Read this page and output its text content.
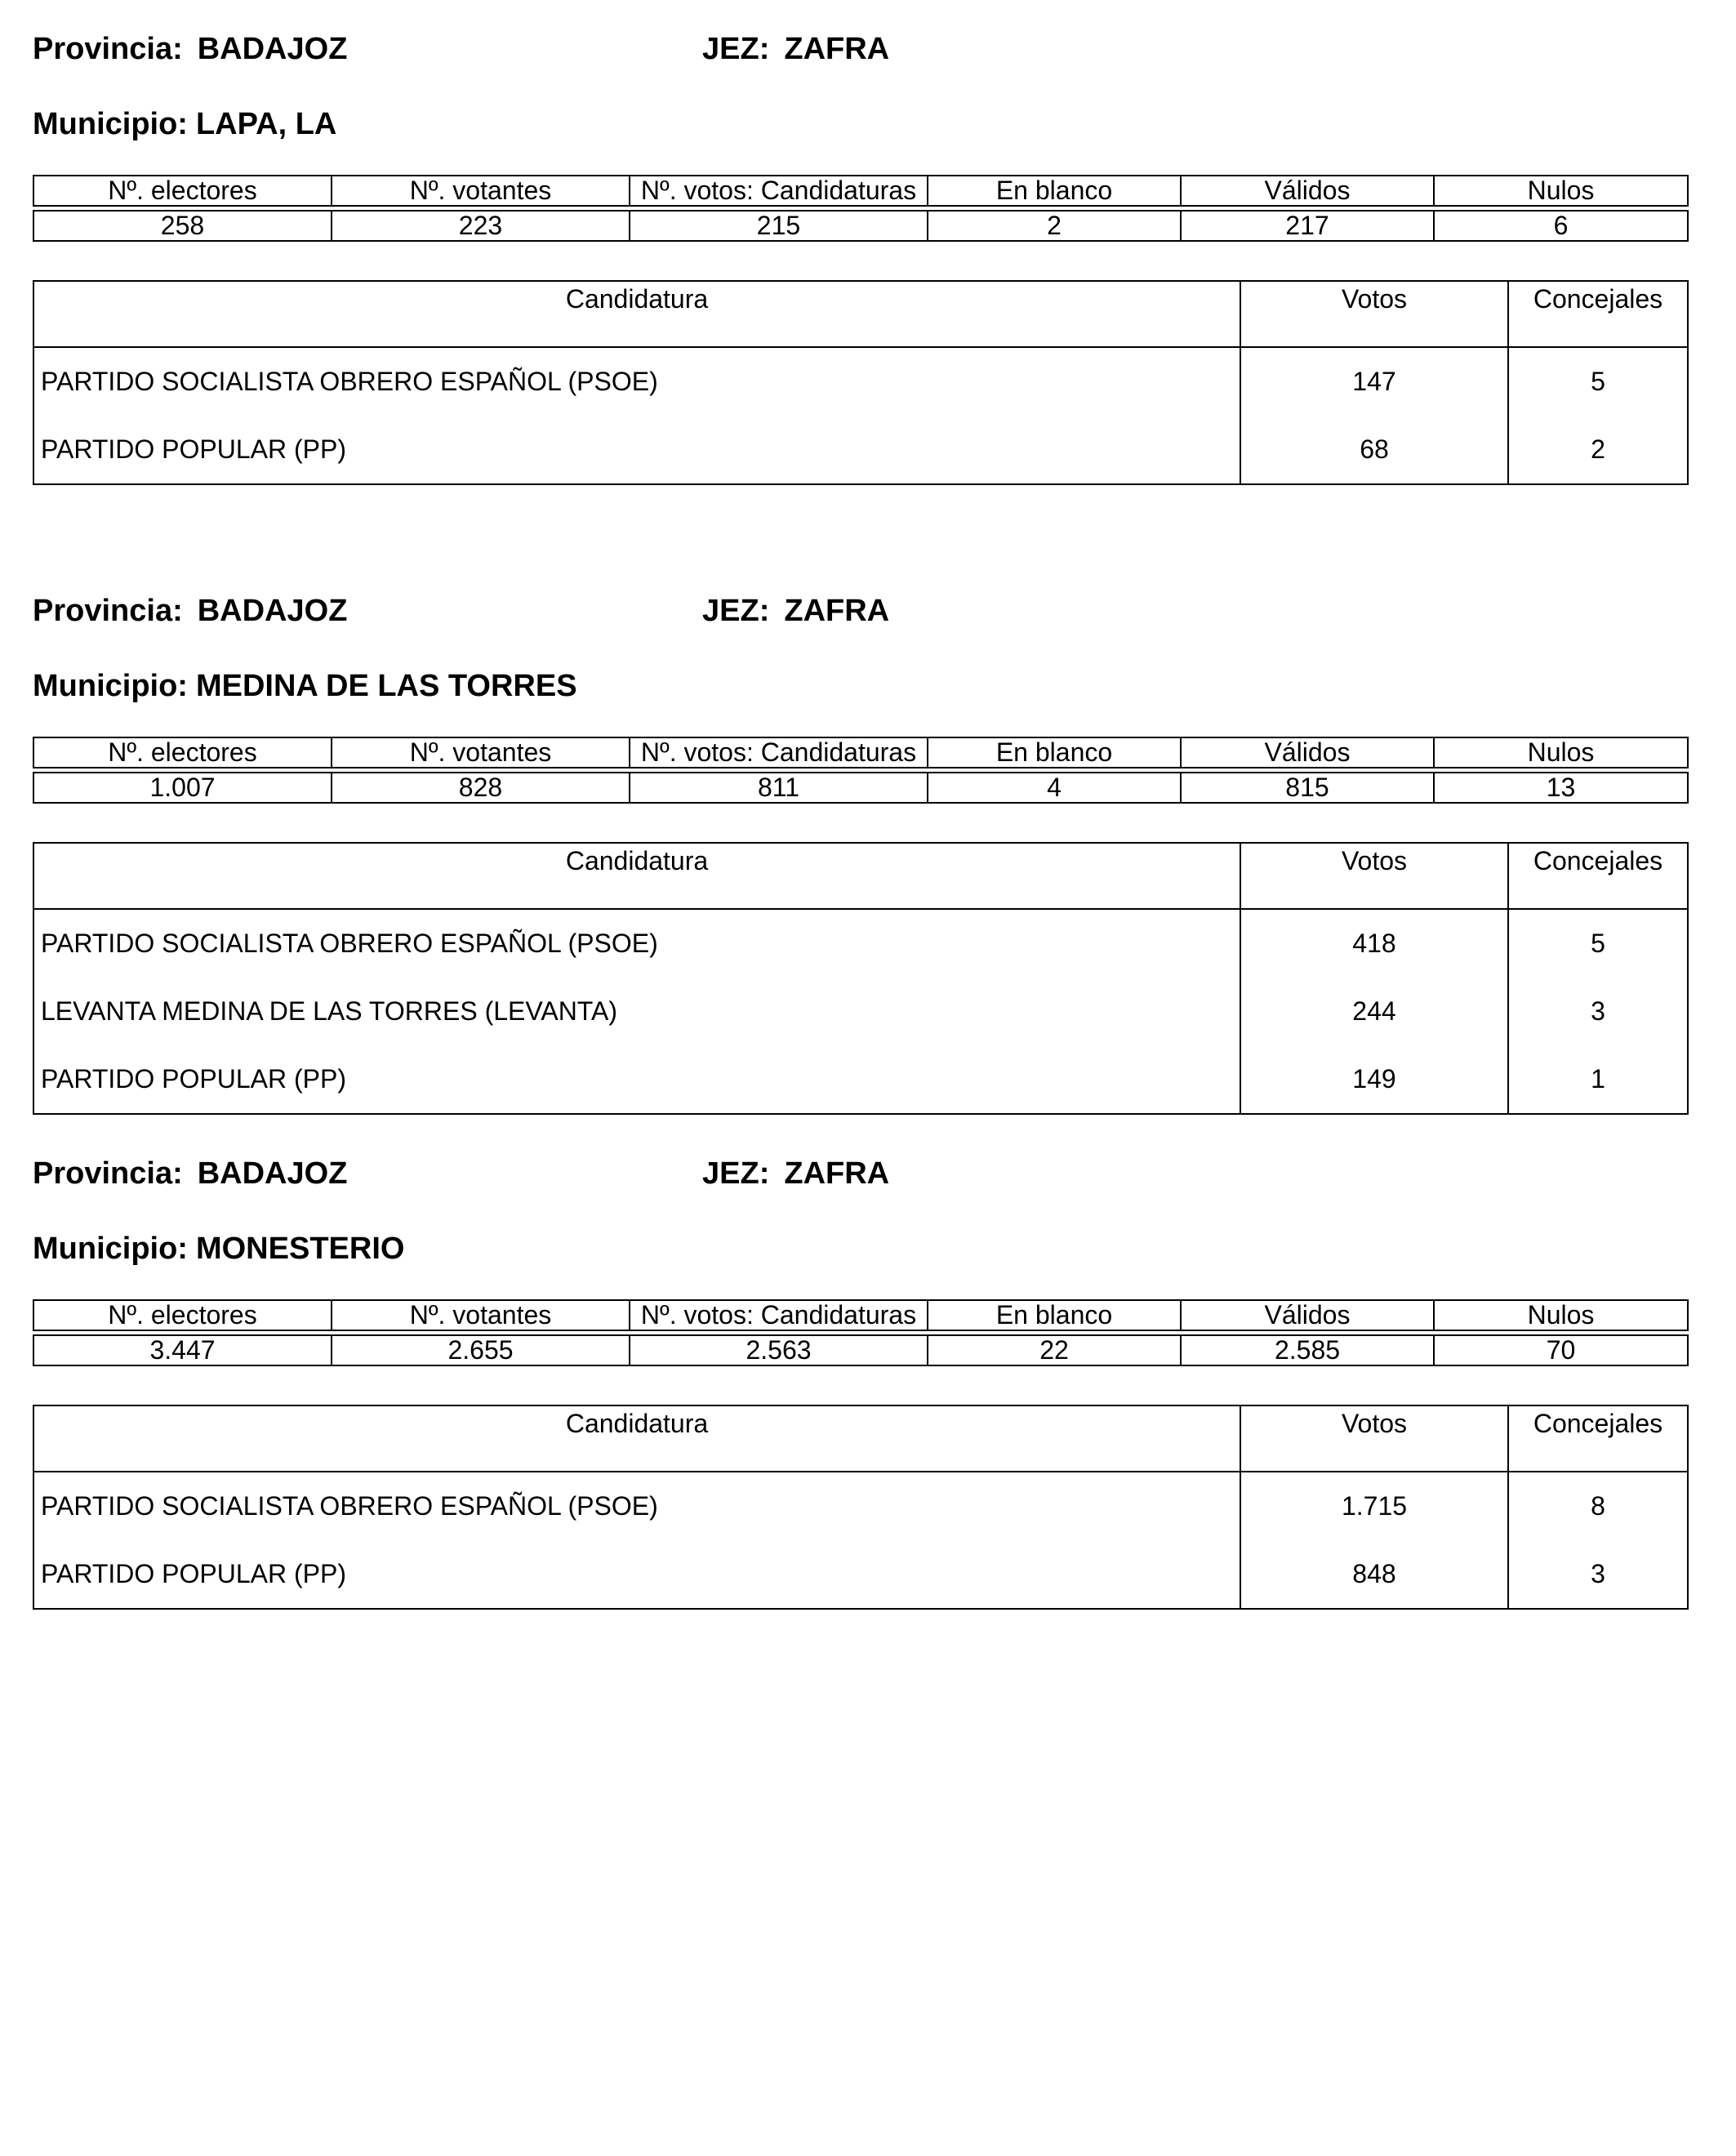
Provincia: BADAJOZ	JEZ: ZAFRA
Municipio: LAPA, LA
Nº. electores	Nº. votantes	Nº. votos: Candidaturas	En blanco	Válidos	Nulos

258	223	215	2	217	6
Candidatura	Votos	Concejales
PARTIDO SOCIALISTA OBRERO ESPAÑOL (PSOE)	147	5
PARTIDO POPULAR (PP)	68	2
Provincia: BADAJOZ	JEZ: ZAFRA
Municipio: MEDINA DE LAS TORRES
Nº. electores	Nº. votantes	Nº. votos: Candidaturas	En blanco	Válidos	Nulos

1.007	828	811	4	815	13
Candidatura	Votos	Concejales
PARTIDO SOCIALISTA OBRERO ESPAÑOL (PSOE)	418	5
LEVANTA MEDINA DE LAS TORRES (LEVANTA)	244	3
PARTIDO POPULAR (PP)	149	1
Provincia: BADAJOZ	JEZ: ZAFRA
Municipio: MONESTERIO
Nº. electores	Nº. votantes	Nº. votos: Candidaturas	En blanco	Válidos	Nulos

3.447	2.655	2.563	22	2.585	70
Candidatura	Votos	Concejales
PARTIDO SOCIALISTA OBRERO ESPAÑOL (PSOE)	1.715	8
PARTIDO POPULAR (PP)	848	3
